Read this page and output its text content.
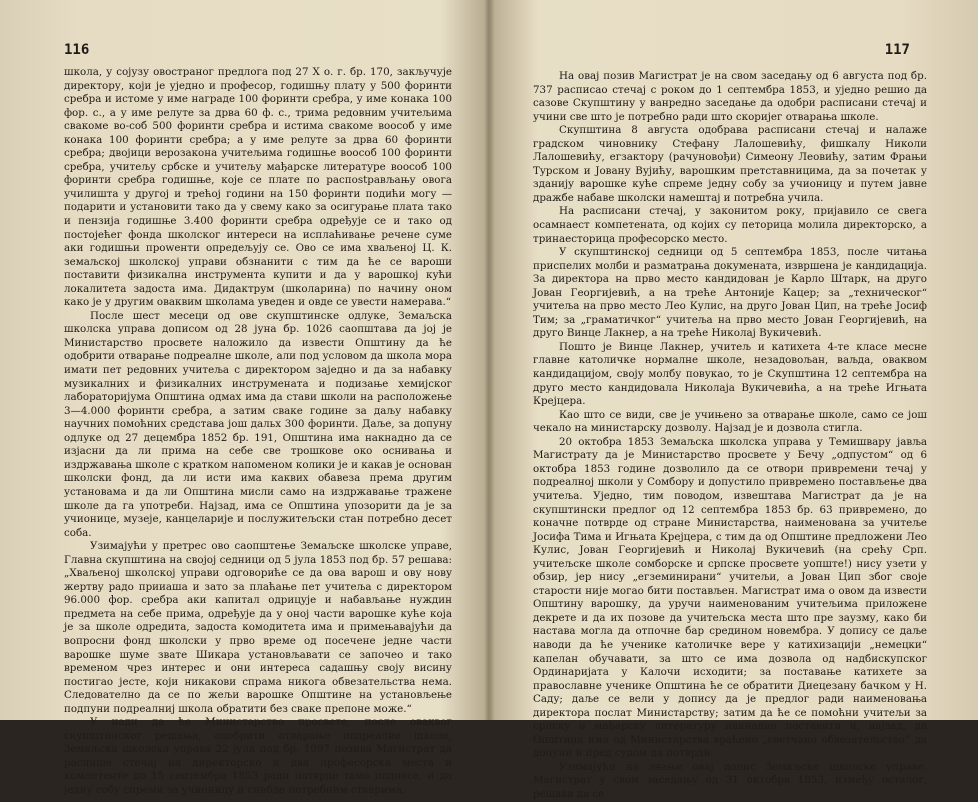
116

школа, у cojузу овостраног предлога под 27 X о. г. бр. 170, закључује директору, који је уједно и професор, годишњу плату у 500 форинти сребра и истоме у име награде 100 форинти сребра, у име конака 100 фор. с., а у име релуте за дрва 60 ф. с., трима редовним учитељима свакоме во-сoб 500 форинти сребра и истима свакоме воособ у име конака 100 форинти сребра; а у име релуте за дрва 60 форинти сребра; двојици верозакона учитељима годишње воособ 100 форинти сребра, учитељу србске и учитељу мађарске литературе воособ 100 форинти сребра годишње, које се плате по распоstрављању овога училишта у другој и трећој години на 150 форинти подићи могу — подарити и установити тако да у свему како за осигурање плата тако и пензија годишње 3.400 форинти сребра одређује се и тако од постојећег фонда школског интереси на исплаћивање речене суме аки годишњи проwенти опредељују се. Ово се има хваљеној Ц. К. земаљској школској управи обзнанити с тим да ће се вароши поставити физикална инструмента купити и да у варошкој кући локалитета задоста има. Дидактрум (школарина) по начину оном како је у другим оваквим школама уведен и овде се увести намерава.“

После шест месеци од ове скупштинске одлуке, Земаљска школска управа дописом од 28 јуна бр. 1026 саопштава да јој је Министарство просвете наложило да извести Општину да ће одобрити отварање подреалне школе, али под условом да школа мора имати пет редовних учитеља с директором заједно и да за набавку музикалних и физикалних инструмената и подизање хемијског лабораторијума Општина одмах има да стави школи на расположење 3—4.000 форинти сребра, а затим сваке године за даљу набавку научних помоћних средстава још дальх 300 форинти. Даље, за допуну одлуке од 27 децембра 1852 бр. 191, Општина има накнадно да се изјасни да ли прима на себе све трошкове око оснивања и издржавања школе с кратком напоменом колики је и какав је основан школски фонд, да ли исти има каквих обавеза према другим установама и да ли Општина мисли само на издржавање тражене школе да га употреби. Најзад, има се Општина упозорити да је за учионице, музеје, канцеларије и послужитељски стан потребно десет соба.

Узимајући у претрес ово саопштење Земаљске школске управе, Главна скупштина на својој седници од 5 јула 1853 под бр. 57 решава: „Хваљеној школској управи одговориће се да ова варош и ову нову жертву радо прииаша и зато за плаћање пет учитеља с директором 96.000 фор. сребра аки капитал одрицује и набављање нуждин предмета на себе прима, одређује да у оној части варошке куће која је за школе одредита, задоста комодитета има и примењавајући да вопросни фонд школски у прво време од посечене једне части варошке шуме звате Шикара установљавати се започео и тако временом чрез интерес и они интереса садашњу своју висину постигао јесте, који никакови спрама никога обвезательства нема. Следователно да се по жељи варошке Општине на установљење подпуни подреалниј школа обратити без сваке препоне може.“

У нади да ће Министарство просвете, после оваквог скупштинског решења, одобрити отварање подреалне школе, Земаљска школска управа 22 јула под бр. 1097 позива Магистрат да распише стечај на директорско и два професорска места и компетенте до 15 септембра 1853 ради потврде тамо поднесе, и да једну собу спреми за учионицу и снабде потребним стварима.

117

На овај позив Магистрат је на свом заседању од 6 августа под бр. 737 расписао стечај с роком до 1 септембра 1853, и уједно решио да сазове Скупштину у ванредно заседање да одобри расписани стечај и учини све што је потребно ради што скоријег отварања школе.

Скупштина 8 августа одобрава расписани стечај и налаже градском чиновнику Стефану Лалошевићу, фишкалу Николи Лалошевићу, егзактору (рачуновођи) Симеону Леовићу, затим Фрањи Турском и Јовану Вујићу, варошким претставницима, да за почетак у зданију варошке куће спреме једну собу за учионицу и путем јавне дражбе набаве школски намештај и потребна учила.

На расписани стечај, у законитом року, пријавило се свега осамнаест компетената, од којих су петорица молила директорско, а тринаесторица професорско место.

У скупштинској седници од 5 септембра 1853, после читања приспелих молби и разматрања докумената, извршена је кандидација. За директора на прво место кандидован је Карло Штарк, на друго Јован Георгијевић, а на треће Антоније Кацер; за „техническог“ учитеља на прво место Лео Кулис, на друго Јован Цип, на треће Јосиф Тим; за „граматичког“ учитеља на прво место Јован Георгијевић, на друго Винце Лакнер, а на треће Николај Вукичевић.

Пошто је Винце Лакнер, учитељ и катихета 4-те класе месне главне католичке нормалне школе, незадовољан, ваљда, оваквом кандидацијом, своју молбу повукао, то је Скупштина 12 септембра на друго место кандидовала Николаја Вукичевића, а на треће Игњата Крејцера.

Као што се види, све је учињено за отварање школе, само се још чекало на министарску дозволу. Најзад је и дозвола стигла.

20 октобра 1853 Земаљска школска управа у Темишвару јавља Магистрату да је Министарство просвете у Бечу „одпустом“ од 6 октобра 1853 године дозволило да се отвори привремени течај у подреалној школи у Сомбору и допустило привремено постављење два учитеља. Уједно, тим поводом, извештава Магистрат да је на скупштински предлог од 12 септембра 1853 бр. 63 привремено, до коначне потврде од стране Министарства, наименована за учитеље Јосифа Тима и Игњата Крејцера, с тим да од Општине предложени Лео Кулис, Јован Георгијевић и Николај Вукичевић (на срећу Срп. учитељске школе сомборске и српске просвете уопште!) нису узети у обзир, јер нису „егземинирани“ учитељи, а Јован Цип због своје старости није могао бити постављен. Магистрат има о овом да извести Општину варошку, да уручи наименованим учитељима приложене декрете и да их позове да учитељска места што пре заузму, како би настава могла да отпочне бар средином новембра. У допису се даље наводи да ће ученике католичке вере у катихизацији „немецки“ капелан обучавати, за што се има дозвола од надбискупског Ординаријата у Калочи исходити; за поставање катихете за православне ученике Општина ће се обратити Диецезану бачком у Н. Саду; даље се вели у допису да је предлог ради наименовања директора послат Министарству; затим да ће се помоћни учитељи за српску и мађарску литературу накнадно поставити и, најзад, да Општина има од Министарства враћено „светчано обвезательство“ да допуни и пред судом да потврди.

Узимајући на знање овај допис Земаљске школске управе, Магистрат у свом заседању од 31 октобра 1853, између осталог, решава да се
